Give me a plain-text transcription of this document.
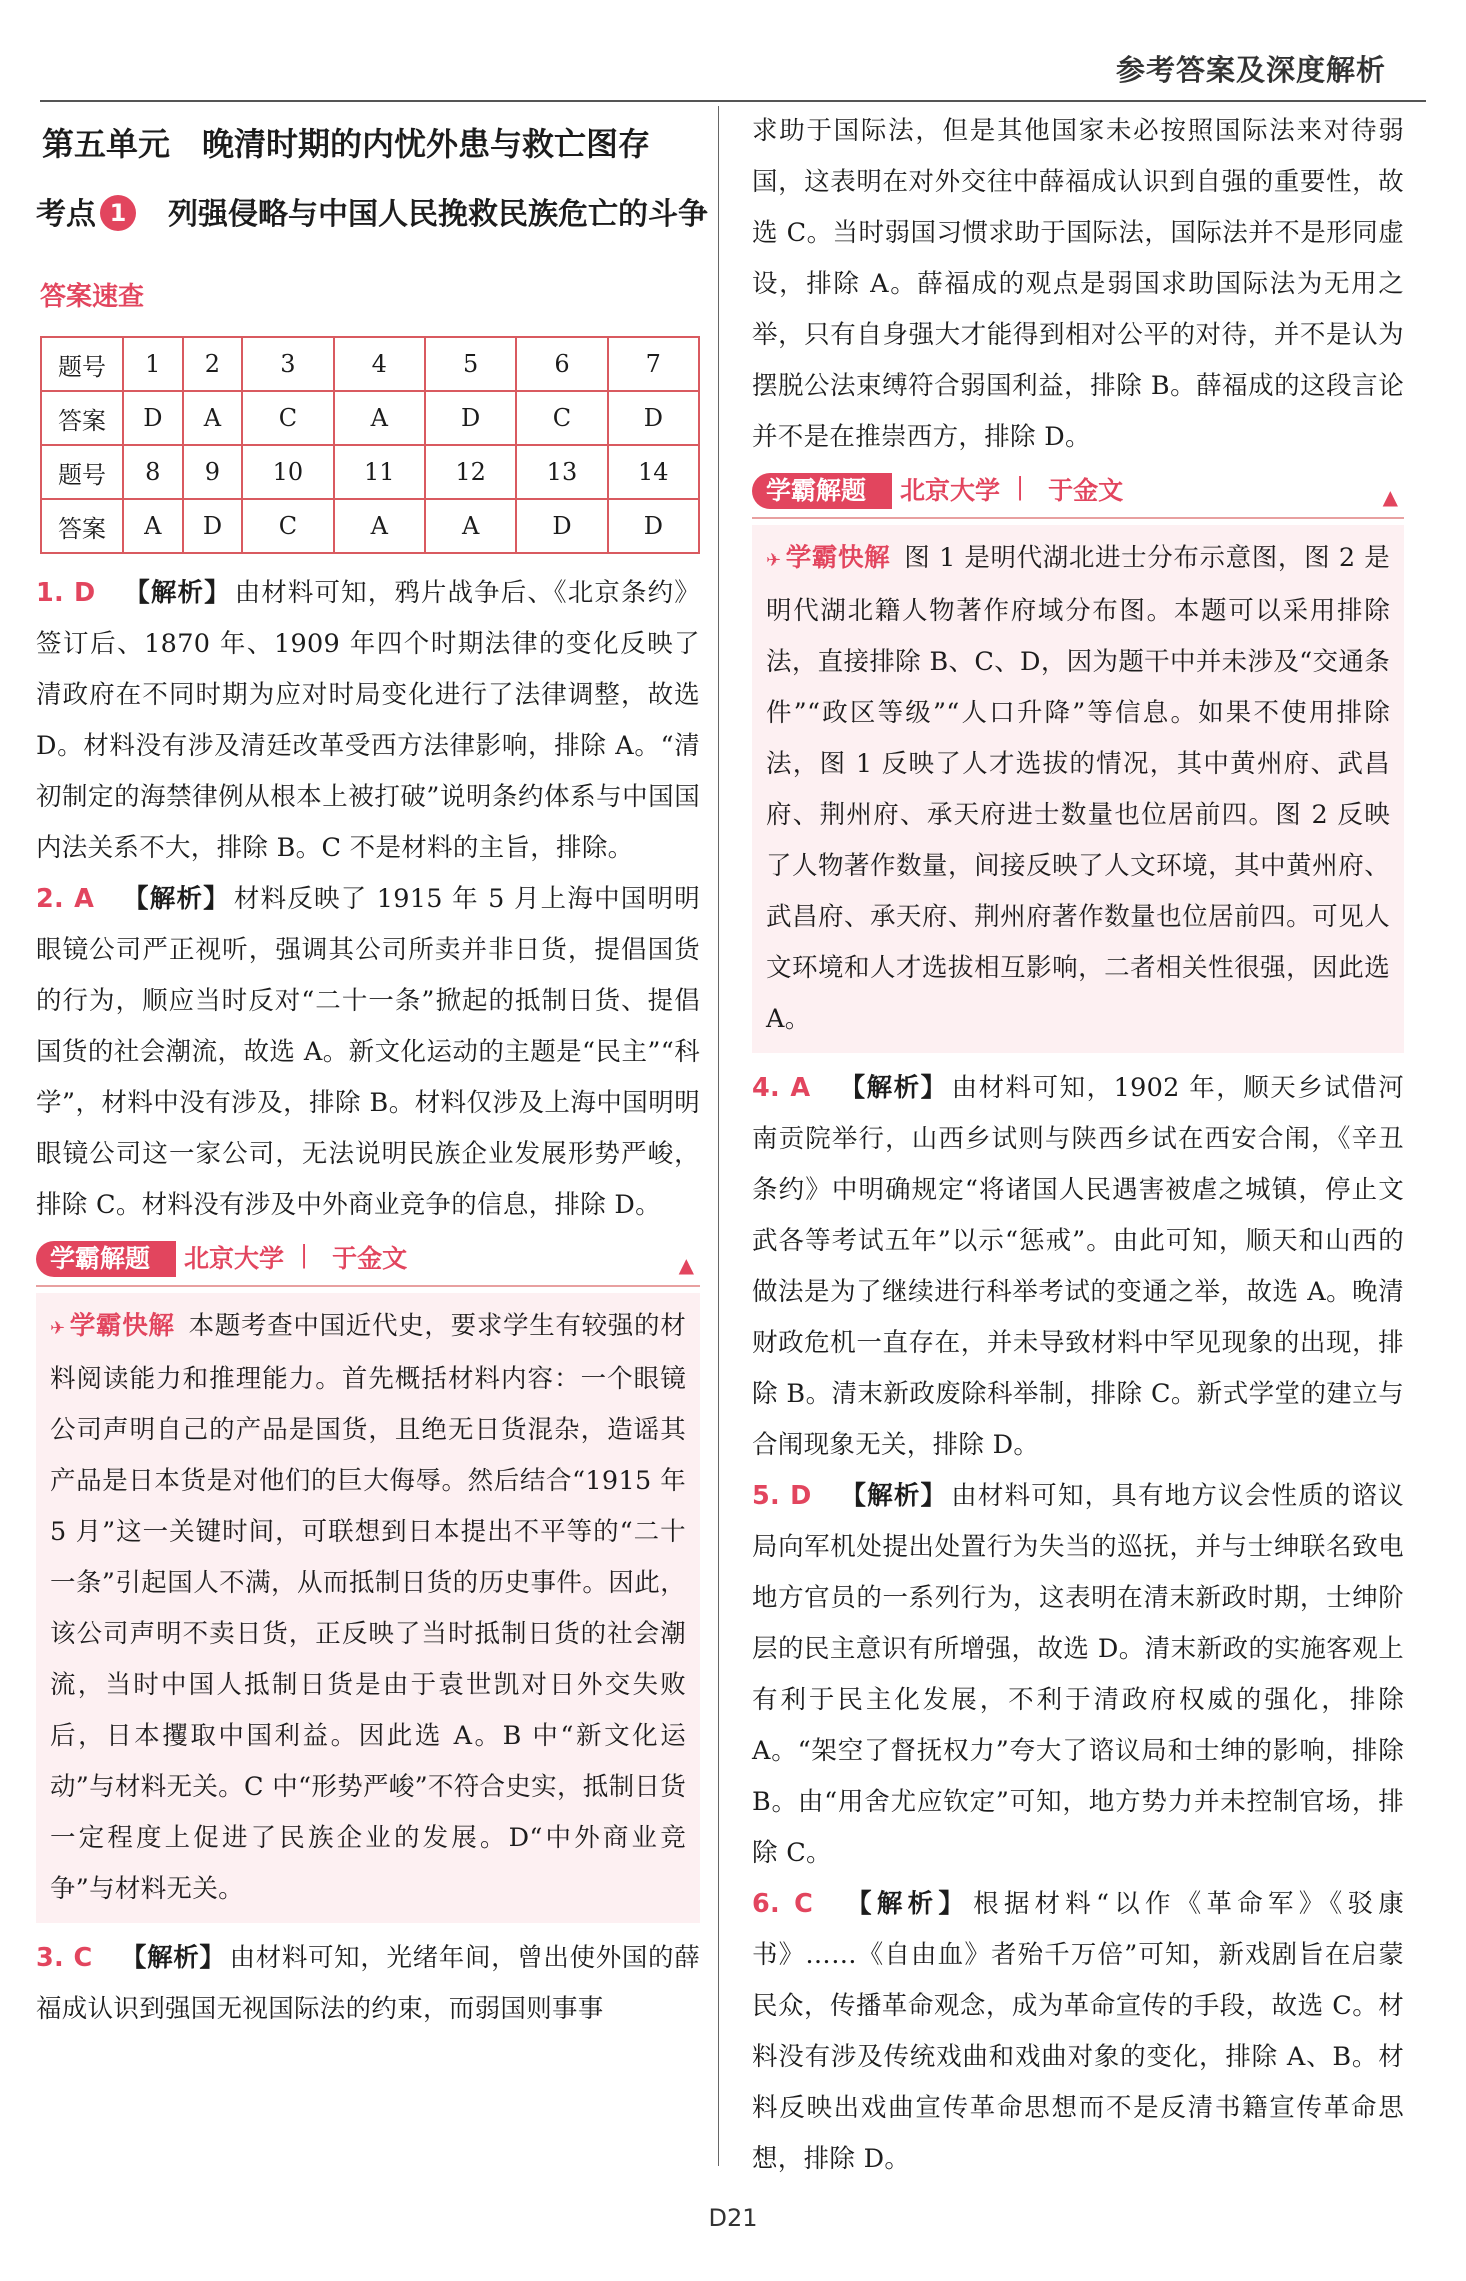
参考答案及深度解析
第五单元　晚清时期的内忧外患与救亡图存
考点 1 列强侵略与中国人民挽救民族危亡的斗争
答案速查
题号	1	2	3	4	5	6	7
答案	D	A	C	A	D	C	D
题号	8	9	10	11	12	13	14
答案	A	D	C	A	A	D	D

1. D 【解析】 由材料可知，鸦片战争后、《北京条约》签订后、1870 年、1909 年四个时期法律的变化反映了清政府在不同时期为应对时局变化进行了法律调整，故选 D。材料没有涉及清廷改革受西方法律影响，排除 A。“清初制定的海禁律例从根本上被打破”说明条约体系与中国国内法关系不大，排除 B。C 不是材料的主旨，排除。

2. A 【解析】 材料反映了 1915 年 5 月上海中国明明眼镜公司严正视听，强调其公司所卖并非日货，提倡国货的行为，顺应当时反对“二十一条”掀起的抵制日货、提倡国货的社会潮流，故选 A。新文化运动的主题是“民主”“科学”，材料中没有涉及，排除 B。材料仅涉及上海中国明明眼镜公司这一家公司，无法说明民族企业发展形势严峻，排除 C。材料没有涉及中外商业竞争的信息，排除 D。

学霸解题 北京大学 | 于金文	▲

✈ 学霸快解 本题考查中国近代史，要求学生有较强的材料阅读能力和推理能力。首先概括材料内容：一个眼镜公司声明自己的产品是国货，且绝无日货混杂，造谣其产品是日本货是对他们的巨大侮辱。然后结合“1915 年 5 月”这一关键时间，可联想到日本提出不平等的“二十一条”引起国人不满，从而抵制日货的历史事件。因此，该公司声明不卖日货，正反映了当时抵制日货的社会潮流，当时中国人抵制日货是由于袁世凯对日外交失败后，日本攫取中国利益。因此选 A。B 中“新文化运动”与材料无关。C 中“形势严峻”不符合史实，抵制日货一定程度上促进了民族企业的发展。D“中外商业竞争”与材料无关。

3. C 【解析】 由材料可知，光绪年间，曾出使外国的薛福成认识到强国无视国际法的约束，而弱国则事事

求助于国际法，但是其他国家未必按照国际法来对待弱国，这表明在对外交往中薛福成认识到自强的重要性，故选 C。当时弱国习惯求助于国际法，国际法并不是形同虚设，排除 A。薛福成的观点是弱国求助国际法为无用之举，只有自身强大才能得到相对公平的对待，并不是认为摆脱公法束缚符合弱国利益，排除 B。薛福成的这段言论并不是在推崇西方，排除 D。

学霸解题 北京大学 | 于金文	▲

✈ 学霸快解 图 1 是明代湖北进士分布示意图，图 2 是明代湖北籍人物著作府域分布图。本题可以采用排除法，直接排除 B、C、D，因为题干中并未涉及“交通条件”“政区等级”“人口升降”等信息。如果不使用排除法，图 1 反映了人才选拔的情况，其中黄州府、武昌府、荆州府、承天府进士数量也位居前四。图 2 反映了人物著作数量，间接反映了人文环境，其中黄州府、武昌府、承天府、荆州府著作数量也位居前四。可见人文环境和人才选拔相互影响，二者相关性很强，因此选 A。

4. A 【解析】 由材料可知，1902 年，顺天乡试借河南贡院举行，山西乡试则与陕西乡试在西安合闱，《辛丑条约》中明确规定“将诸国人民遇害被虐之城镇，停止文武各等考试五年”以示“惩戒”。由此可知，顺天和山西的做法是为了继续进行科举考试的变通之举，故选 A。晚清财政危机一直存在，并未导致材料中罕见现象的出现，排除 B。清末新政废除科举制，排除 C。新式学堂的建立与合闱现象无关，排除 D。

5. D 【解析】 由材料可知，具有地方议会性质的谘议局向军机处提出处置行为失当的巡抚，并与士绅联名致电地方官员的一系列行为，这表明在清末新政时期，士绅阶层的民主意识有所增强，故选 D。清末新政的实施客观上有利于民主化发展，不利于清政府权威的强化，排除 A。“架空了督抚权力”夸大了谘议局和士绅的影响，排除 B。由“用舍尤应钦定”可知，地方势力并未控制官场，排除 C。

6. C 【解析】 根据材料“以作《革命军》《驳康书》……《自由血》者殆千万倍”可知，新戏剧旨在启蒙民众，传播革命观念，成为革命宣传的手段，故选 C。材料没有涉及传统戏曲和戏曲对象的变化，排除 A、B。材料反映出戏曲宣传革命思想而不是反清书籍宣传革命思想，排除 D。

D21
